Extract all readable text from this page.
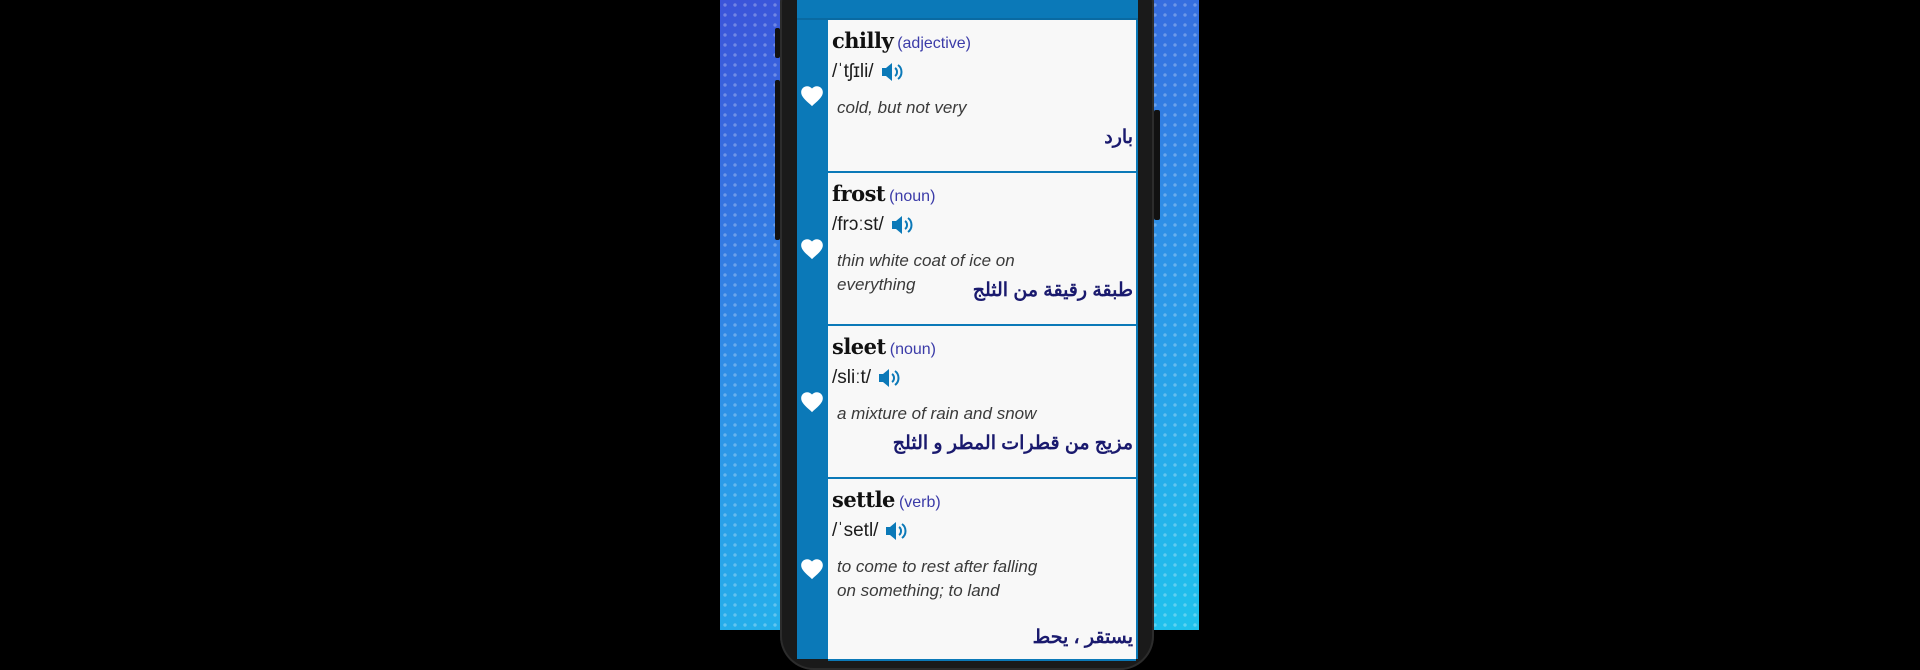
chilly (adjective)
/ˈtʃɪli/
cold, but not very
بارد
frost (noun)
/frɔːst/
thin white coat of ice on everything	طبقة رقيقة من الثلج
sleet (noun)
/sliːt/
a mixture of rain and snow
مزيج من قطرات المطر و الثلج
settle (verb)
/ˈsetl/
to come to rest after falling on something; to land
يستقر ، يحط
